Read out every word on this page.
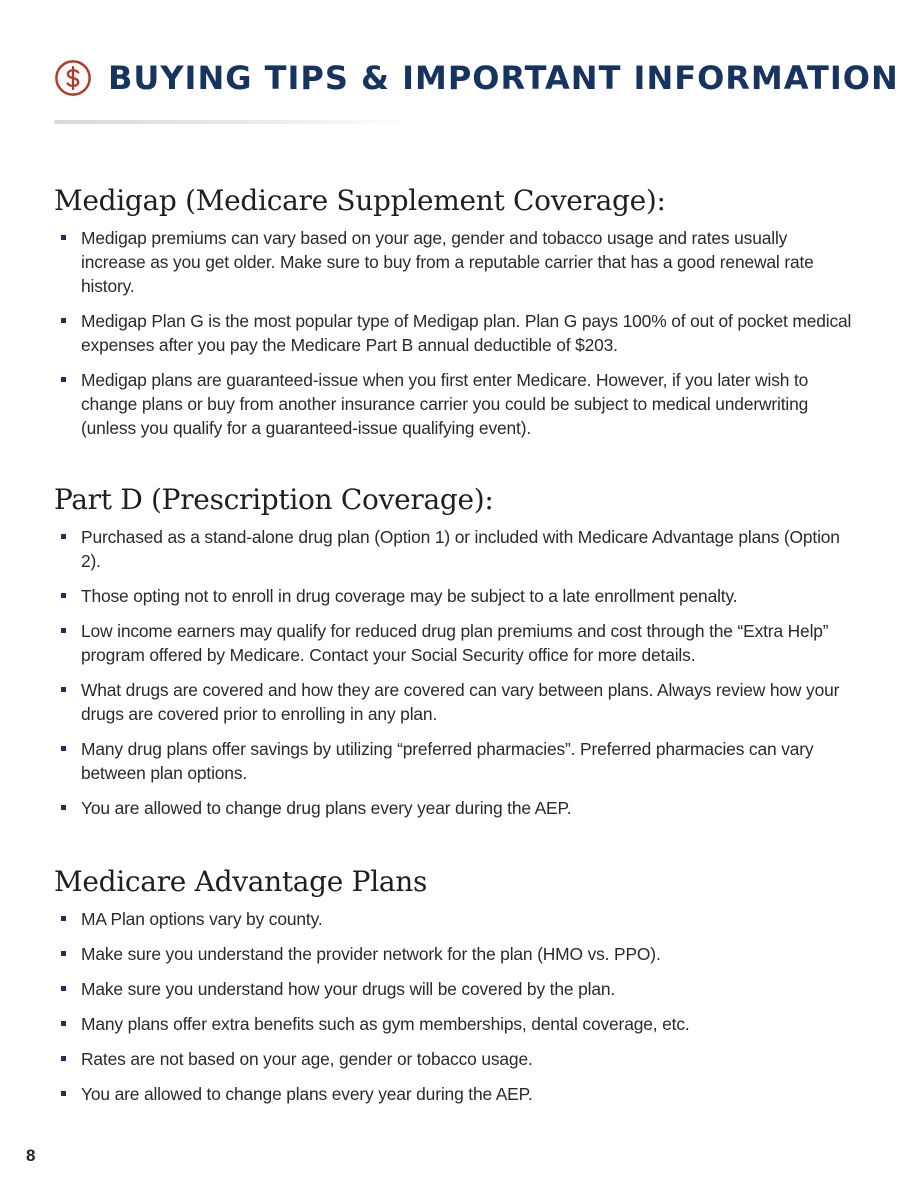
BUYING TIPS & IMPORTANT INFORMATION
Medigap (Medicare Supplement Coverage):
Medigap premiums can vary based on your age, gender and tobacco usage and rates usually increase as you get older. Make sure to buy from a reputable carrier that has a good renewal rate history.
Medigap Plan G is the most popular type of Medigap plan. Plan G pays 100% of out of pocket medical expenses after you pay the Medicare Part B annual deductible of $203.
Medigap plans are guaranteed-issue when you first enter Medicare. However, if you later wish to change plans or buy from another insurance carrier you could be subject to medical underwriting (unless you qualify for a guaranteed-issue qualifying event).
Part D (Prescription Coverage):
Purchased as a stand-alone drug plan (Option 1) or included with Medicare Advantage plans (Option 2).
Those opting not to enroll in drug coverage may be subject to a late enrollment penalty.
Low income earners may qualify for reduced drug plan premiums and cost through the “Extra Help” program offered by Medicare. Contact your Social Security office for more details.
What drugs are covered and how they are covered can vary between plans. Always review how your drugs are covered prior to enrolling in any plan.
Many drug plans offer savings by utilizing “preferred pharmacies”. Preferred pharmacies can vary between plan options.
You are allowed to change drug plans every year during the AEP.
Medicare Advantage Plans
MA Plan options vary by county.
Make sure you understand the provider network for the plan (HMO vs. PPO).
Make sure you understand how your drugs will be covered by the plan.
Many plans offer extra benefits such as gym memberships, dental coverage, etc.
Rates are not based on your age, gender or tobacco usage.
You are allowed to change plans every year during the AEP.
8
